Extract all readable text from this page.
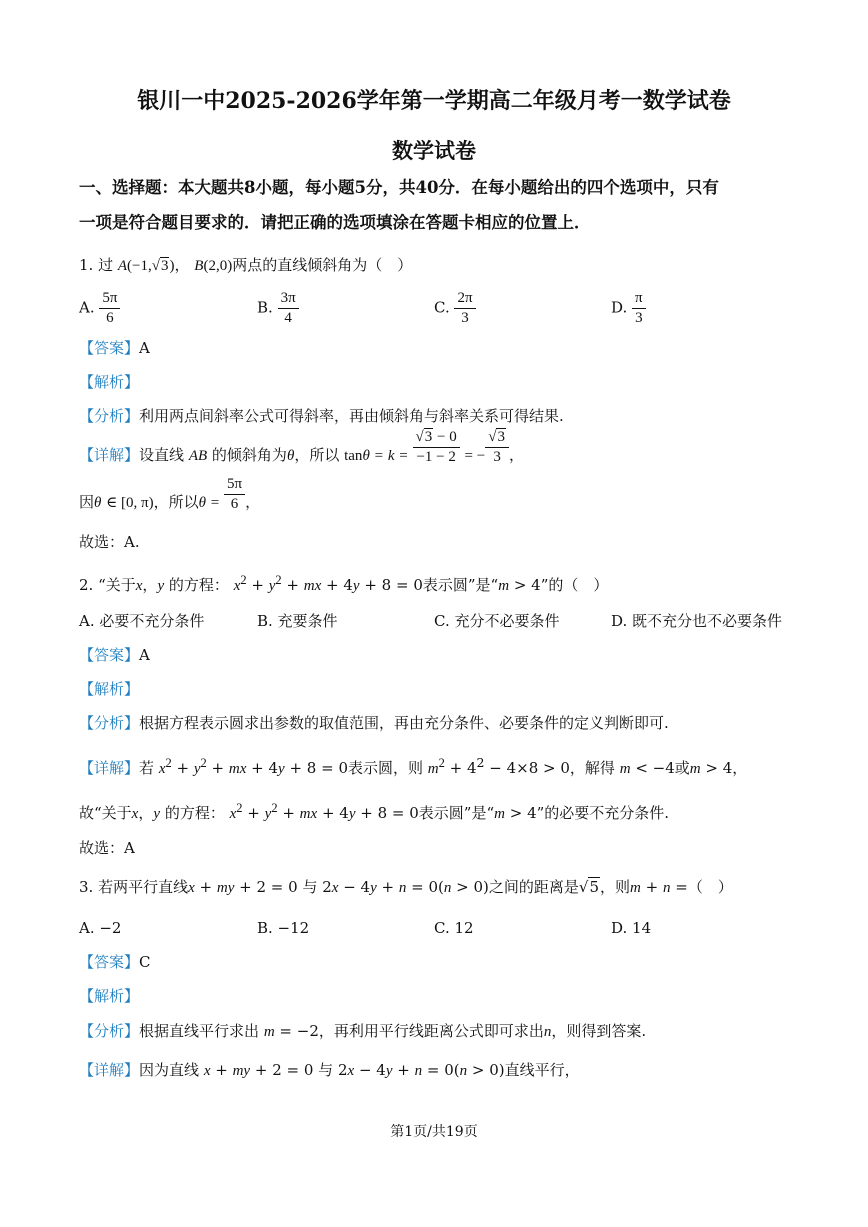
银川一中2025-2026学年第一学期高二年级月考一数学试卷
数学试卷
一、选择题：本大题共8小题，每小题5分，共40分．在每小题给出的四个选项中，只有
一项是符合题目要求的．请把正确的选项填涂在答题卡相应的位置上．
1. 过 A(−1,√3)， B(2,0)两点的直线倾斜角为（　）
A. $\frac{5\pi}{6}$	B. $\frac{3\pi}{4}$	C. $\frac{2\pi}{3}$	D. $\frac{\pi}{3}$
【答案】A
【解析】
【分析】利用两点间斜率公式可得斜率，再由倾斜角与斜率关系可得结果.
【详解】设直线 AB 的倾斜角为θ，所以 $\tan\theta = k = \frac{√3 - 0}{-1 - 2}$ = − $\frac{√3}{3}$ ，
因θ ∈ [0, π)，所以$\theta = \frac{5\pi}{6}$ ，
故选：A.
2. “关于x，y 的方程： $x^2 + y^2$ + mx + 4y + 8 = 0表示圆”是“m > 4”的（　）
A. 必要不充分条件	B. 充要条件	C. 充分不必要条件	D. 既不充分也不必要条件
【答案】A
【解析】
【分析】根据方程表示圆求出参数的取值范围，再由充分条件、必要条件的定义判断即可.
【详解】若 $x^2 + y^2$ + mx + 4y + 8 = 0表示圆，则 $m^2 + 4^2 - 4\times 8 > 0$，解得 m < −4或m > 4，
故“关于x，y 的方程： $x^2 + y^2$ + mx + 4y + 8 = 0表示圆”是“m > 4”的必要不充分条件.
故选：A
3. 若两平行直线x + my + 2 = 0 与 2x − 4y + n = 0(n > 0)之间的距离是√5，则m + n =（　）
A. −2	B. −12	C. 12	D. 14
【答案】C
【解析】
【分析】根据直线平行求出 m = −2，再利用平行线距离公式即可求出n，则得到答案.
【详解】因为直线 x + my + 2 = 0 与 2x − 4y + n = 0(n > 0)直线平行，
第1页/共19页
